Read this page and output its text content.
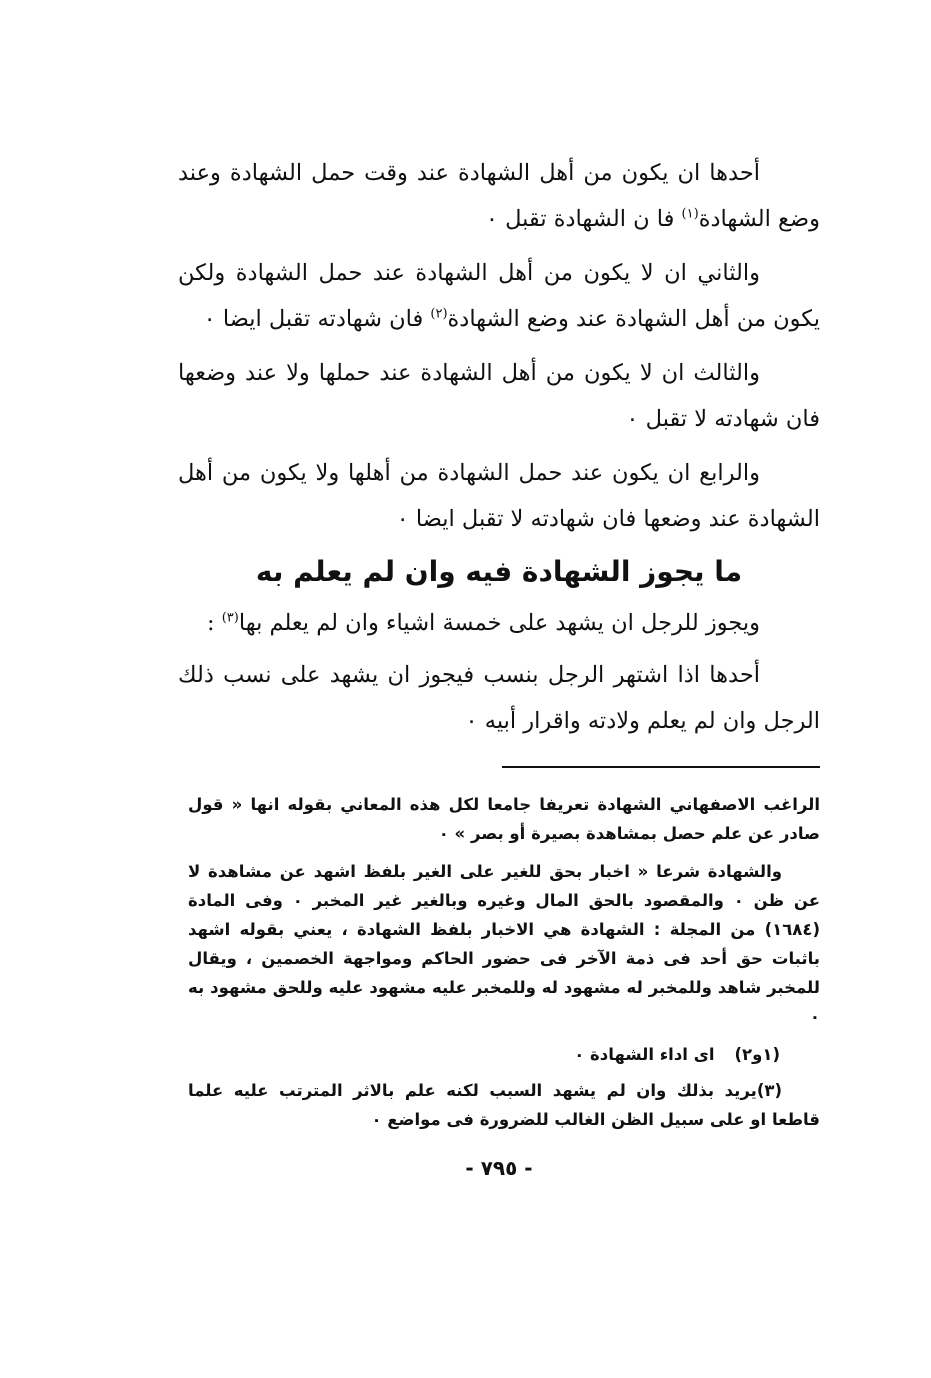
أحدها ان يكون من أهل الشهادة عند وقت حمل الشهادة وعند وضع الشهادة$^{(١)}$ فا ن الشهادة تقبل ٠

والثاني ان لا يكون من أهل الشهادة عند حمل الشهادة ولكن يكون من أهل الشهادة عند وضع الشهادة$^{(٢)}$ فان شهادته تقبل ايضا ٠

والثالث ان لا يكون من أهل الشهادة عند حملها ولا عند وضعها فان شهادته لا تقبل ٠

والرابع ان يكون عند حمل الشهادة من أهلها ولا يكون من أهل الشهادة عند وضعها فان شهادته لا تقبل ايضا ٠

ما يجوز الشهادة فيه وان لم يعلم به

ويجوز للرجل ان يشهد على خمسة اشياء وان لم يعلم بها$^{(٣)}$ :

أحدها اذا اشتهر الرجل بنسب فيجوز ان يشهد على نسب ذلك الرجل وان لم يعلم ولادته واقرار أبيه ٠

الراغب الاصفهاني الشهادة تعريفا جامعا لكل هذه المعاني بقوله انها « قول صادر عن علم حصل بمشاهدة بصيرة أو بصر » ٠

والشهادة شرعا « اخبار بحق للغير على الغير بلفظ اشهد عن مشاهدة لا عن ظن ٠ والمقصود بالحق المال وغيره وبالغير غير المخبر ٠ وفى المادة (١٦٨٤) من المجلة : الشهادة هي الاخبار بلفظ الشهادة ، يعني بقوله اشهد باثبات حق أحد فى ذمة الآخر فى حضور الحاكم ومواجهة الخصمين ، ويقال للمخبر شاهد وللمخبر له مشهود له وللمخبر عليه مشهود عليه وللحق مشهود به ٠

(١و٢)اى اداء الشهادة ٠

(٣)يريد بذلك وان لم يشهد السبب لكنه علم بالاثر المترتب عليه علما قاطعا او على سبيل الظن الغالب للضرورة فى مواضع ٠

- ٧٩٥ -
